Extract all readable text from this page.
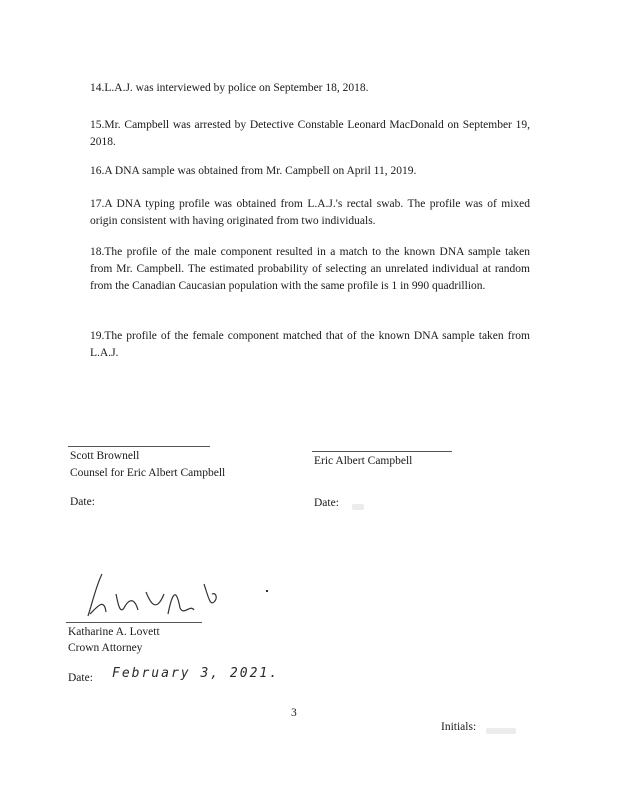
14.L.A.J. was interviewed by police on September 18, 2018.
15.Mr. Campbell was arrested by Detective Constable Leonard MacDonald on September 19, 2018.
16.A DNA sample was obtained from Mr. Campbell on April 11, 2019.
17.A DNA typing profile was obtained from L.A.J.'s rectal swab. The profile was of mixed origin consistent with having originated from two individuals.
18.The profile of the male component resulted in a match to the known DNA sample taken from Mr. Campbell. The estimated probability of selecting an unrelated individual at random from the Canadian Caucasian population with the same profile is 1 in 990 quadrillion.
19.The profile of the female component matched that of the known DNA sample taken from L.A.J.
Scott Brownell
Counsel for Eric Albert Campbell
Date:
Eric Albert Campbell
Date:
Katharine A. Lovett
Crown Attorney
Date: February 3, 2021.
3
Initials:
